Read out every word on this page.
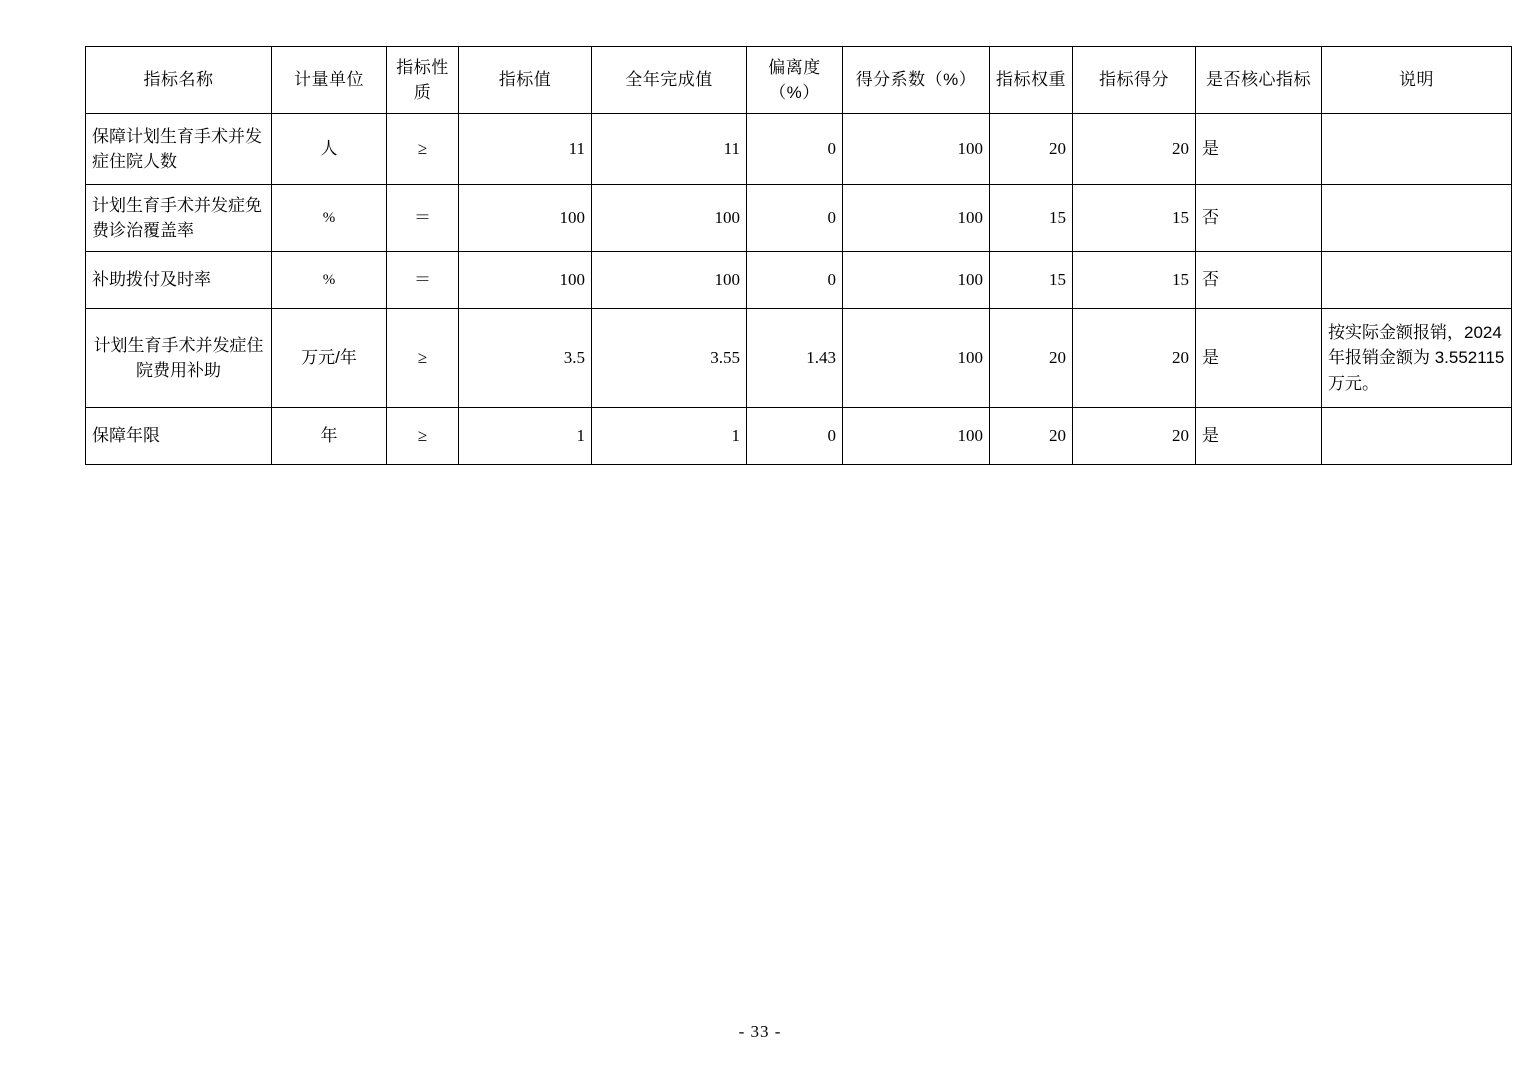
指标名称	计量单位	指标性质	指标值	全年完成值	偏离度（%）	得分系数（%）	指标权重	指标得分	是否核心指标	说明
保障计划生育手术并发症住院人数	人	≥	11	11	0	100	20	20	是	
计划生育手术并发症免费诊治覆盖率	%	＝	100	100	0	100	15	15	否	
补助拨付及时率	%	＝	100	100	0	100	15	15	否	
计划生育手术并发症住院费用补助	万元/年	≥	3.5	3.55	1.43	100	20	20	是	按实际金额报销，2024 年报销金额为 3.552115 万元。
保障年限	年	≥	1	1	0	100	20	20	是	
- 33 -
